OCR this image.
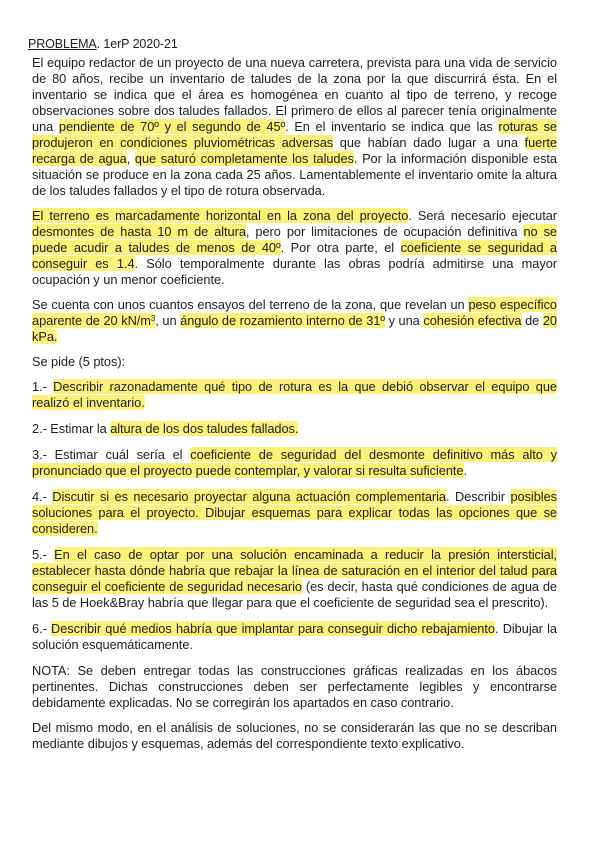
PROBLEMA. 1erP 2020-21

El equipo redactor de un proyecto de una nueva carretera, prevista para una vida de servicio de 80 años, recibe un inventario de taludes de la zona por la que discurrirá ésta. En el inventario se indica que el área es homogénea en cuanto al tipo de terreno, y recoge observaciones sobre dos taludes fallados. El primero de ellos al parecer tenía originalmente una pendiente de 70º y el segundo de 45º. En el inventario se indica que las roturas se produjeron en condiciones pluviométricas adversas que habían dado lugar a una fuerte recarga de agua, que saturó completamente los taludes. Por la información disponible esta situación se produce en la zona cada 25 años. Lamentablemente el inventario omite la altura de los taludes fallados y el tipo de rotura observada.

El terreno es marcadamente horizontal en la zona del proyecto. Será necesario ejecutar desmontes de hasta 10 m de altura, pero por limitaciones de ocupación definitiva no se puede acudir a taludes de menos de 40º. Por otra parte, el coeficiente se seguridad a conseguir es 1.4. Sólo temporalmente durante las obras podría admitirse una mayor ocupación y un menor coeficiente.

Se cuenta con unos cuantos ensayos del terreno de la zona, que revelan un peso específico aparente de 20 $kN/m^3$, un ángulo de rozamiento interno de 31º y una cohesión efectiva de 20 kPa.

Se pide (5 ptos):

1.- Describir razonadamente qué tipo de rotura es la que debió observar el equipo que realizó el inventario.

2.- Estimar la altura de los dos taludes fallados.

3.- Estimar cuál sería el coeficiente de seguridad del desmonte definitivo más alto y pronunciado que el proyecto puede contemplar, y valorar si resulta suficiente.

4.- Discutir si es necesario proyectar alguna actuación complementaria. Describir posibles soluciones para el proyecto. Dibujar esquemas para explicar todas las opciones que se consideren.

5.- En el caso de optar por una solución encaminada a reducir la presión intersticial, establecer hasta dónde habría que rebajar la línea de saturación en el interior del talud para conseguir el coeficiente de seguridad necesario (es decir, hasta qué condiciones de agua de las 5 de Hoek&Bray habría que llegar para que el coeficiente de seguridad sea el prescrito).

6.- Describir qué medios habría que implantar para conseguir dicho rebajamiento. Dibujar la solución esquemáticamente.

NOTA: Se deben entregar todas las construcciones gráficas realizadas en los ábacos pertinentes. Dichas construcciones deben ser perfectamente legibles y encontrarse debidamente explicadas. No se corregirán los apartados en caso contrario.

Del mismo modo, en el análisis de soluciones, no se considerarán las que no se describan mediante dibujos y esquemas, además del correspondiente texto explicativo.
